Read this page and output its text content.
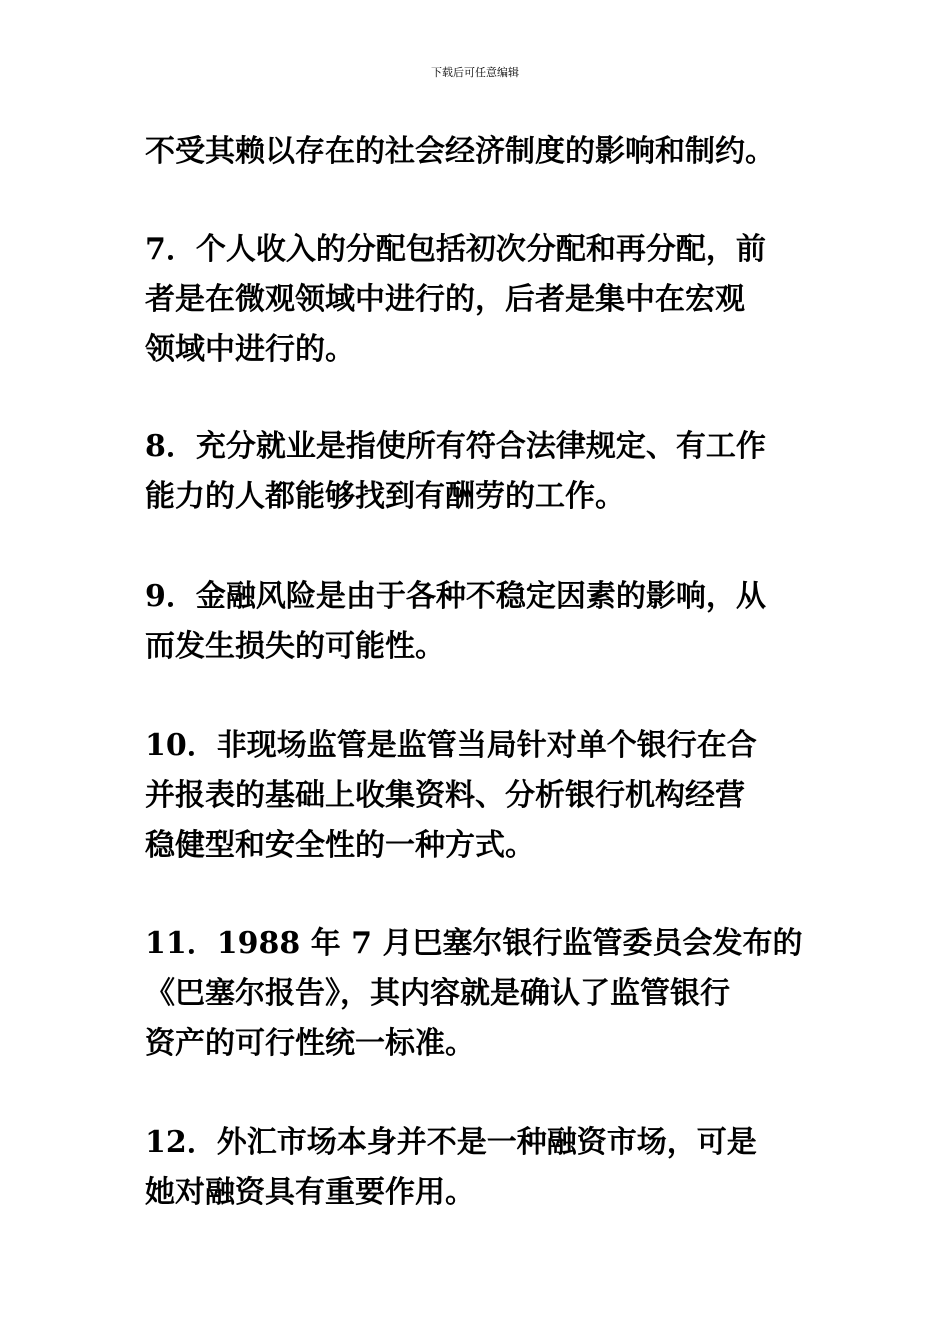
下载后可任意编辑
不受其赖以存在的社会经济制度的影响和制约。
7．个人收入的分配包括初次分配和再分配，前
者是在微观领域中进行的，后者是集中在宏观
领域中进行的。
8．充分就业是指使所有符合法律规定、有工作
能力的人都能够找到有酬劳的工作。
9．金融风险是由于各种不稳定因素的影响，从
而发生损失的可能性。
10．非现场监管是监管当局针对单个银行在合
并报表的基础上收集资料、分析银行机构经营
稳健型和安全性的一种方式。
11．1988 年 7 月巴塞尔银行监管委员会发布的
《巴塞尔报告》，其内容就是确认了监管银行
资产的可行性统一标准。
12．外汇市场本身并不是一种融资市场，可是
她对融资具有重要作用。
